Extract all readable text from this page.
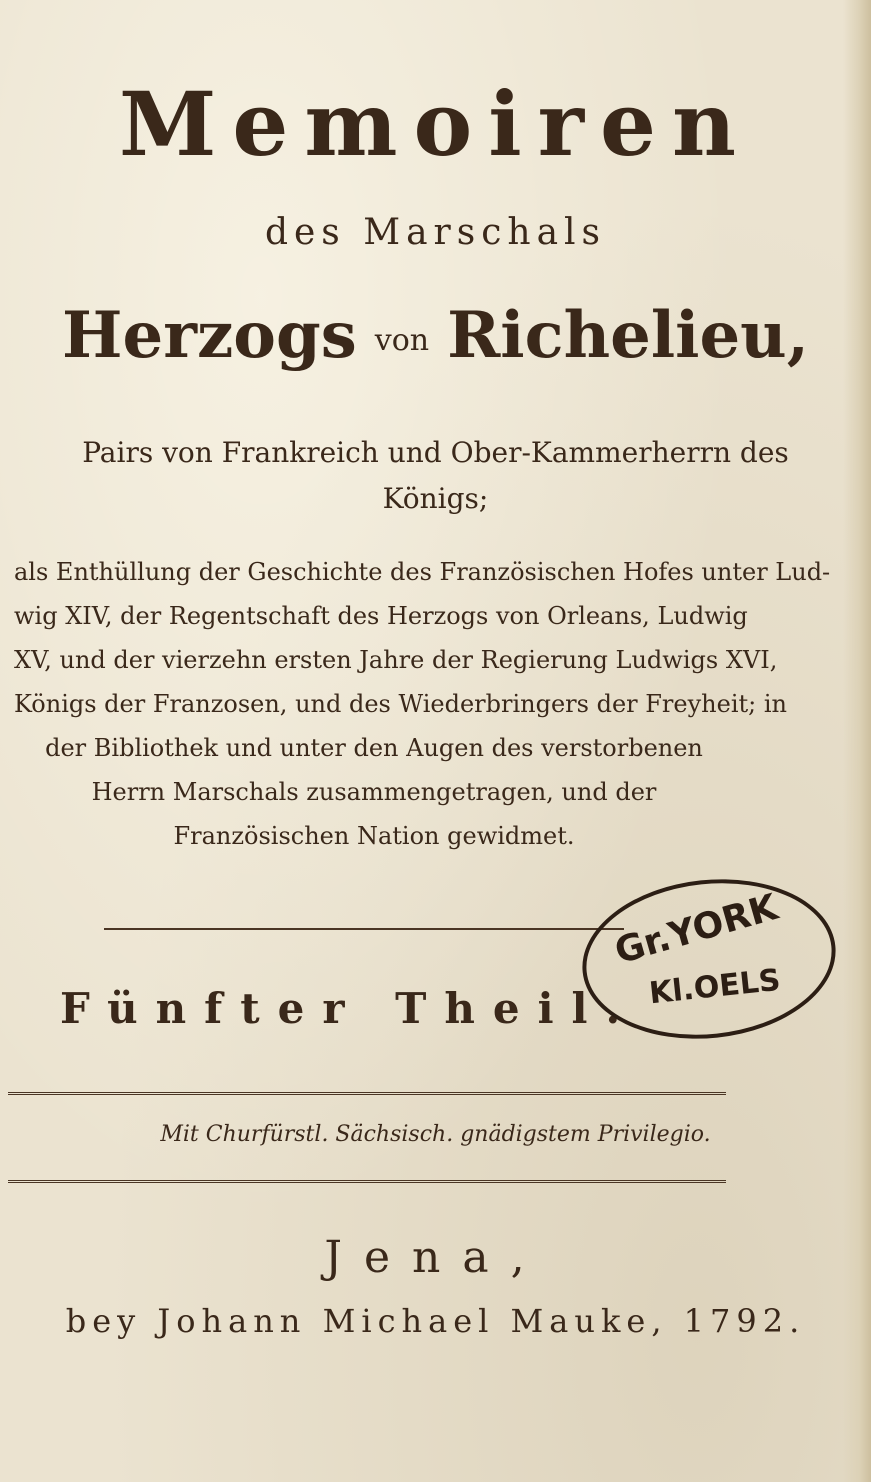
Memoiren
des Marschals
Herzogs von Richelieu,
Pairs von Frankreich und Ober-Kammerherrn des
Königs;
als Enthüllung der Geschichte des Französischen Hofes unter Lud-
wig XIV, der Regentschaft des Herzogs von Orleans, Ludwig
XV, und der vierzehn ersten Jahre der Regierung Ludwigs XVI,
Königs der Franzosen, und des Wiederbringers der Freyheit; in
der Bibliothek und unter den Augen des verstorbenen
Herrn Marschals zusammengetragen, und der
Französischen Nation gewidmet.
Fünfter Theil.
Mit Churfürstl. Sächsisch. gnädigstem Privilegio.
Jena,
bey Johann Michael Mauke, 1792.
Gr.YORK
Kl.OELS
